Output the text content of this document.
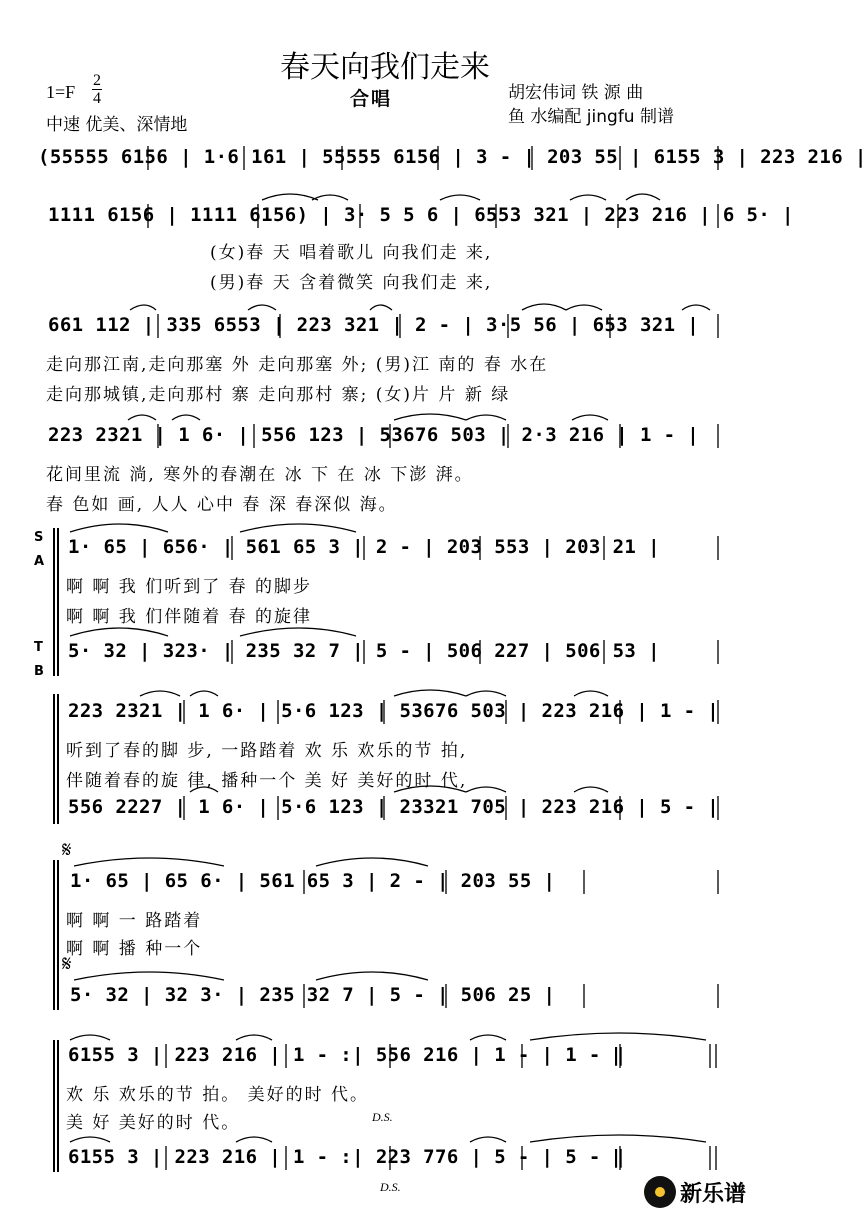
春天向我们走来
合唱
1=F
2
4
中速 优美、深情地
胡宏伟词 铁 源 曲
鱼 水编配 jingfu 制谱
(55555 6156 | 1·6 161 | 55555 6156 | 3 - | 203 55 | 6155 3 | 223 216 |
1111 6156 | 1111 6156) | 3· 5 5 6 | 6553 321 | 223 216 | 6 5· |
(女)春 天 唱着歌儿 向我们走 来,
(男)春 天 含着微笑 向我们走 来,
661 112 | 335 6553 | 223 321 | 2 - | 3·5 56 | 653 321 |
走向那江南,走向那塞 外 走向那塞 外; (男)江 南的 春 水在
走向那城镇,走向那村 寨 走向那村 寨; (女)片 片 新 绿
223 2321 | 1 6· | 556 123 | 53676 503 | 2·3 216 | 1 - |
花间里流 淌, 寒外的春潮在 冰 下 在 冰 下澎 湃。
春 色如 画, 人人 心中 春 深 春深似 海。
S
A
T
B
1· 65 | 656· | 561 65 3 | 2 - | 203 553 | 203 21 |
啊 啊 我 们听到了 春 的脚步
啊 啊 我 们伴随着 春 的旋律
5· 32 | 323· | 235 32 7 | 5 - | 506 227 | 506 53 |
223 2321 | 1 6· | 5·6 123 | 53676 503 | 223 216 | 1 - |
听到了春的脚 步, 一路踏着 欢 乐 欢乐的节 拍,
伴随着春的旋 律, 播种一个 美 好 美好的时 代,
556 2227 | 1 6· | 5·6 123 | 23321 705 | 223 216 | 5 - |
𝄋
1· 65 | 65 6· | 561 65 3 | 2 - | 203 55 |
啊 啊 一 路踏着
啊 啊 播 种一个
𝄋
5· 32 | 32 3· | 235 32 7 | 5 - | 506 25 |
6155 3 | 223 216 | 1 - :| 556 216 | 1 - | 1 - ‖
欢 乐 欢乐的节 拍。 美好的时 代。
美 好 美好的时 代。	D.S.
6155 3 | 223 216 | 1 - :| 223 776 | 5 - | 5 - ‖
D.S.	新乐谱
